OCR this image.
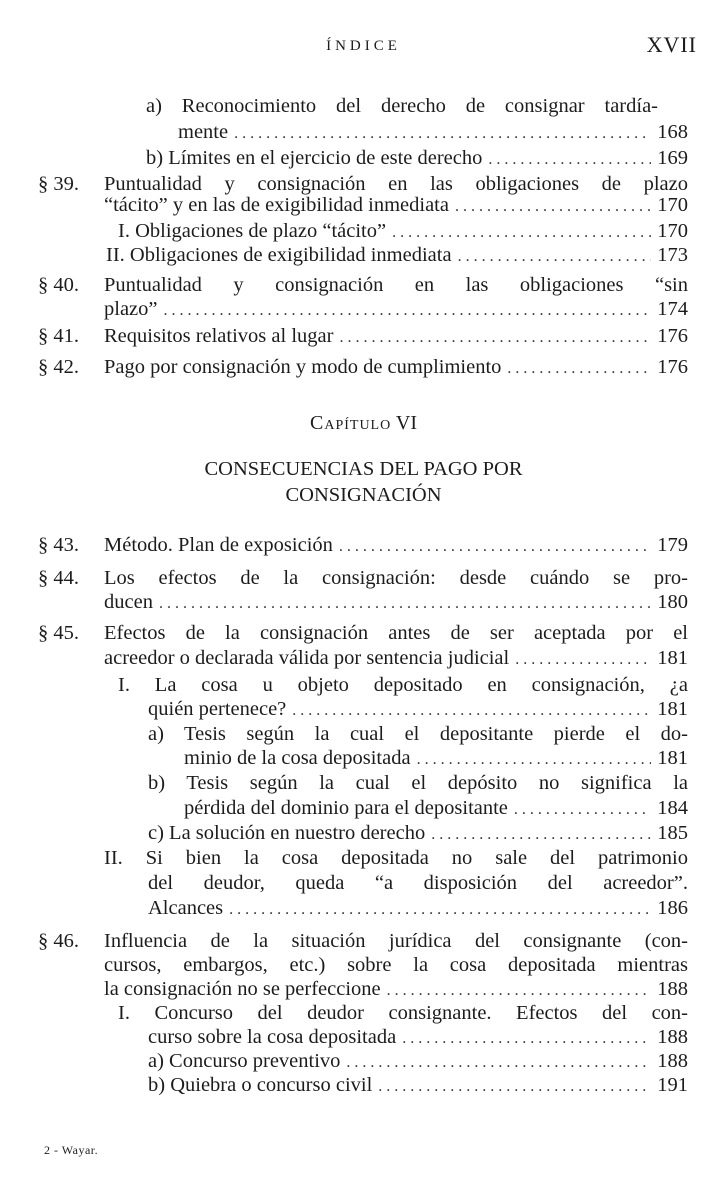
ÍNDICE	XVII
a) Reconocimiento del derecho de consignar tardía-
mente . . .	168
b) Límites en el ejercicio de este derecho . . .	169
§ 39. Puntualidad y consignación en las obligaciones de plazo
“tácito” y en las de exigibilidad inmediata . . .	170
I. Obligaciones de plazo “tácito” . . .	170
II. Obligaciones de exigibilidad inmediata . . .	173
§ 40. Puntualidad y consignación en las obligaciones “sin
plazo” . . .	174
§ 41. Requisitos relativos al lugar . . .	176
§ 42. Pago por consignación y modo de cumplimiento . . .	176
Capítulo VI
CONSECUENCIAS DEL PAGO POR
CONSIGNACIÓN
§ 43. Método. Plan de exposición . . .	179
§ 44. Los efectos de la consignación: desde cuándo se pro-
ducen . . .	180
§ 45. Efectos de la consignación antes de ser aceptada por el
acreedor o declarada válida por sentencia judicial . . .	181
I. La cosa u objeto depositado en consignación, ¿a
quién pertenece? . . .	181
a) Tesis según la cual el depositante pierde el do-
minio de la cosa depositada . . .	181
b) Tesis según la cual el depósito no significa la
pérdida del dominio para el depositante . . .	184
c) La solución en nuestro derecho . . .	185
II. Si bien la cosa depositada no sale del patrimonio
del deudor, queda “a disposición del acreedor”.
Alcances . . .	186
§ 46. Influencia de la situación jurídica del consignante (con-
cursos, embargos, etc.) sobre la cosa depositada mientras
la consignación no se perfeccione . . .	188
I. Concurso del deudor consignante. Efectos del con-
curso sobre la cosa depositada . . .	188
a) Concurso preventivo . . .	188
b) Quiebra o concurso civil . . .	191
2 - Wayar.
